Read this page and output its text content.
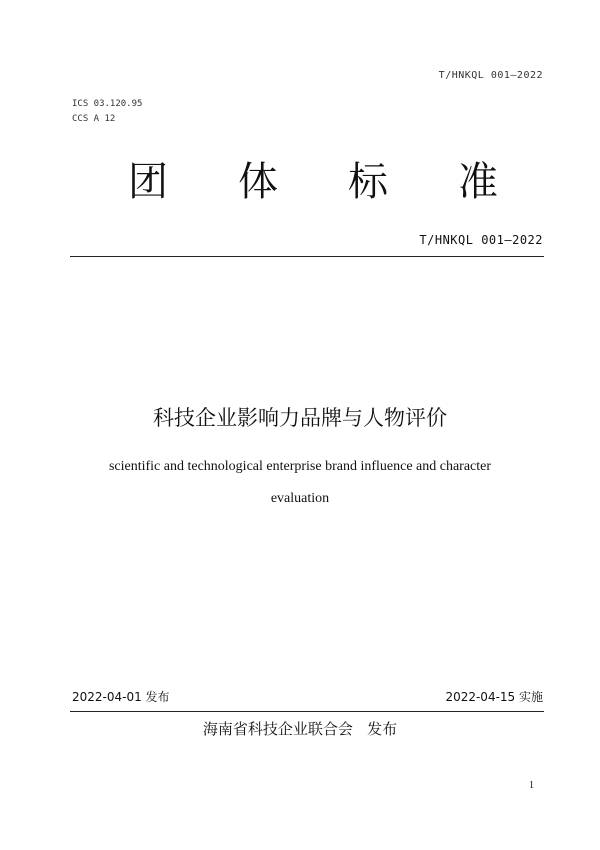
T/HNKQL 001—2022
ICS 03.120.95
CCS A 12
团 体 标 准
T/HNKQL 001—2022
科技企业影响力品牌与人物评价
scientific and technological enterprise brand influence and character evaluation
2022-04-01 发布	2022-04-15 实施
海南省科技企业联合会   发布
1
